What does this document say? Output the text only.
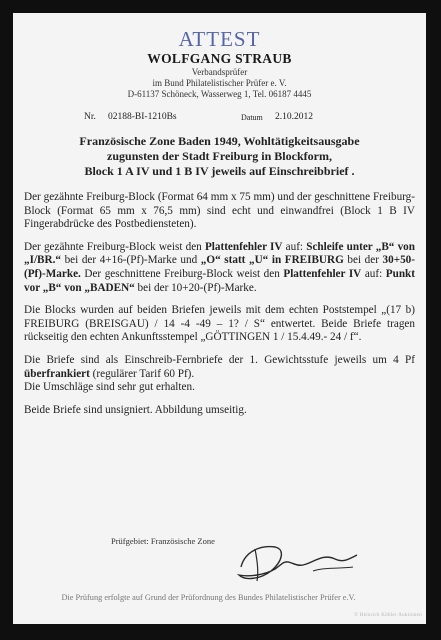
ATTEST
WOLFGANG STRAUB
Verbandsprüfer
im Bund Philatelistischer Prüfer e. V.
D-61137 Schöneck, Wasserweg 1, Tel. 06187 4445
Nr. 02188-BI-1210Bs	Datum 2.10.2012
Französische Zone Baden 1949, Wohltätigkeitsausgabe
zugunsten der Stadt Freiburg in Blockform,
Block 1 A IV und 1 B IV jeweils auf Einschreibbrief .
Der gezähnte Freiburg-Block (Format 64 mm x 75 mm) und der geschnittene Freiburg-Block (Format 65 mm x 76,5 mm) sind echt und einwandfrei (Block 1 B IV Fingerabdrücke des Postbediensteten).
Der gezähnte Freiburg-Block weist den Plattenfehler IV auf: Schleife unter „B“ von „I/BR.“ bei der 4+16-(Pf)-Marke und „O“ statt „U“ in FREIBURG bei der 30+50-(Pf)-Marke. Der geschnittene Freiburg-Block weist den Plattenfehler IV auf: Punkt vor „B“ von „BADEN“ bei der 10+20-(Pf)-Marke.
Die Blocks wurden auf beiden Briefen jeweils mit dem echten Poststempel „(17 b) FREIBURG (BREISGAU) / 14 -4 -49 – 1? / S“ entwertet. Beide Briefe tragen rückseitig den echten Ankunftsstempel „GÖTTINGEN 1 / 15.4.49.- 24 / f“.
Die Briefe sind als Einschreib-Fernbriefe der 1. Gewichtsstufe jeweils um 4 Pf überfrankiert (regulärer Tarif 60 Pf).
Die Umschläge sind sehr gut erhalten.
Beide Briefe sind unsigniert. Abbildung umseitig.
Prüfgebiet: Französische Zone
Die Prüfung erfolgte auf Grund der Prüfordnung des Bundes Philatelistischer Prüfer e.V.
© Heinrich Köhler Auktionen
